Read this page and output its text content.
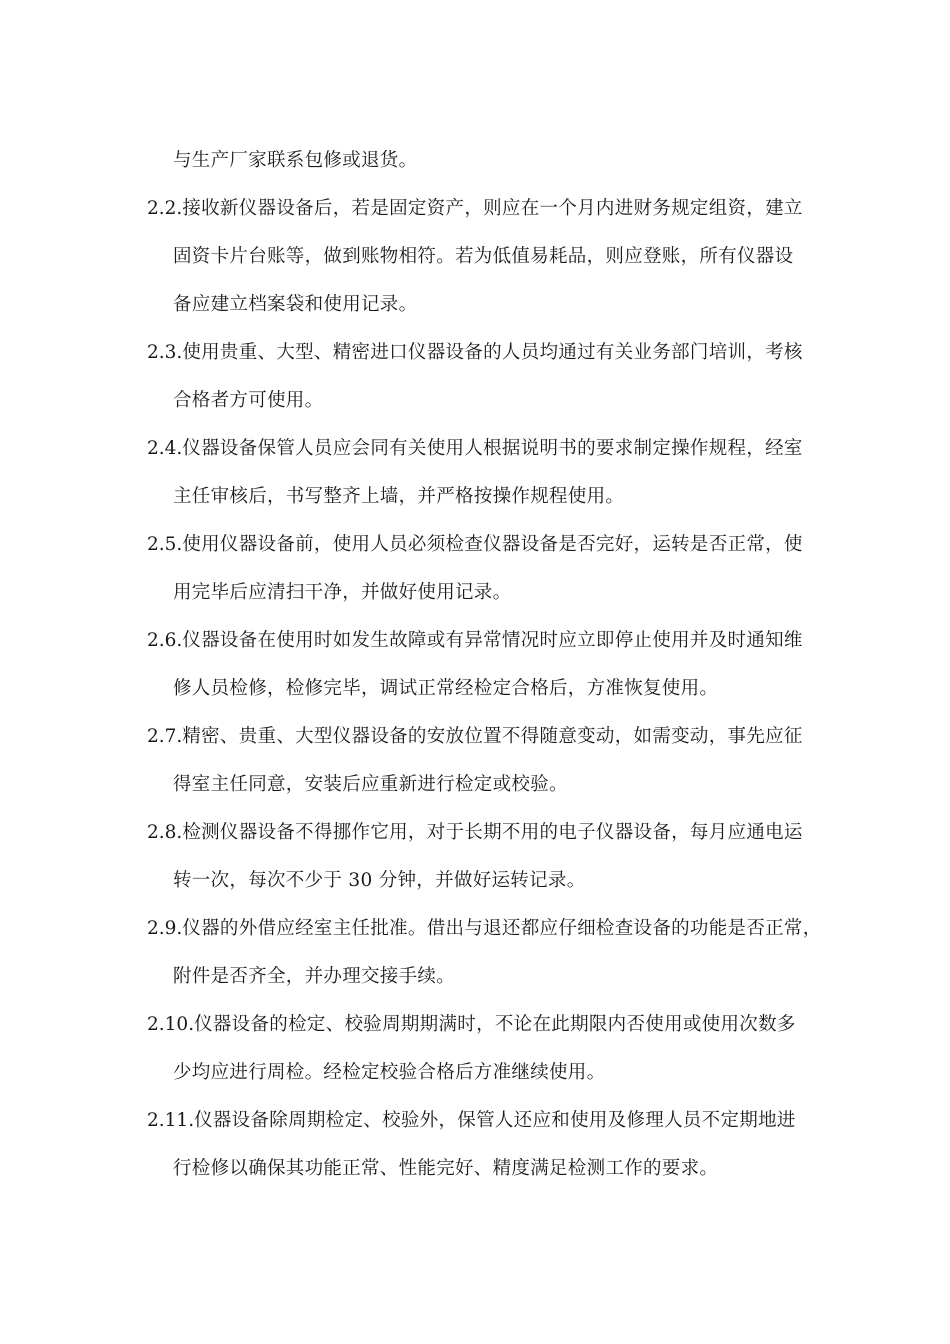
与生产厂家联系包修或退货。
2.2.接收新仪器设备后，若是固定资产，则应在一个月内进财务规定组资，建立
固资卡片台账等，做到账物相符。若为低值易耗品，则应登账，所有仪器设
备应建立档案袋和使用记录。
2.3.使用贵重、大型、精密进口仪器设备的人员均通过有关业务部门培训，考核
合格者方可使用。
2.4.仪器设备保管人员应会同有关使用人根据说明书的要求制定操作规程，经室
主任审核后，书写整齐上墙，并严格按操作规程使用。
2.5.使用仪器设备前，使用人员必须检查仪器设备是否完好，运转是否正常，使
用完毕后应清扫干净，并做好使用记录。
2.6.仪器设备在使用时如发生故障或有异常情况时应立即停止使用并及时通知维
修人员检修，检修完毕，调试正常经检定合格后，方准恢复使用。
2.7.精密、贵重、大型仪器设备的安放位置不得随意变动，如需变动，事先应征
得室主任同意，安装后应重新进行检定或校验。
2.8.检测仪器设备不得挪作它用，对于长期不用的电子仪器设备，每月应通电运
转一次，每次不少于 30 分钟，并做好运转记录。
2.9.仪器的外借应经室主任批准。借出与退还都应仔细检查设备的功能是否正常，
附件是否齐全，并办理交接手续。
2.10.仪器设备的检定、校验周期期满时，不论在此期限内否使用或使用次数多
少均应进行周检。经检定校验合格后方准继续使用。
2.11.仪器设备除周期检定、校验外，保管人还应和使用及修理人员不定期地进
行检修以确保其功能正常、性能完好、精度满足检测工作的要求。
